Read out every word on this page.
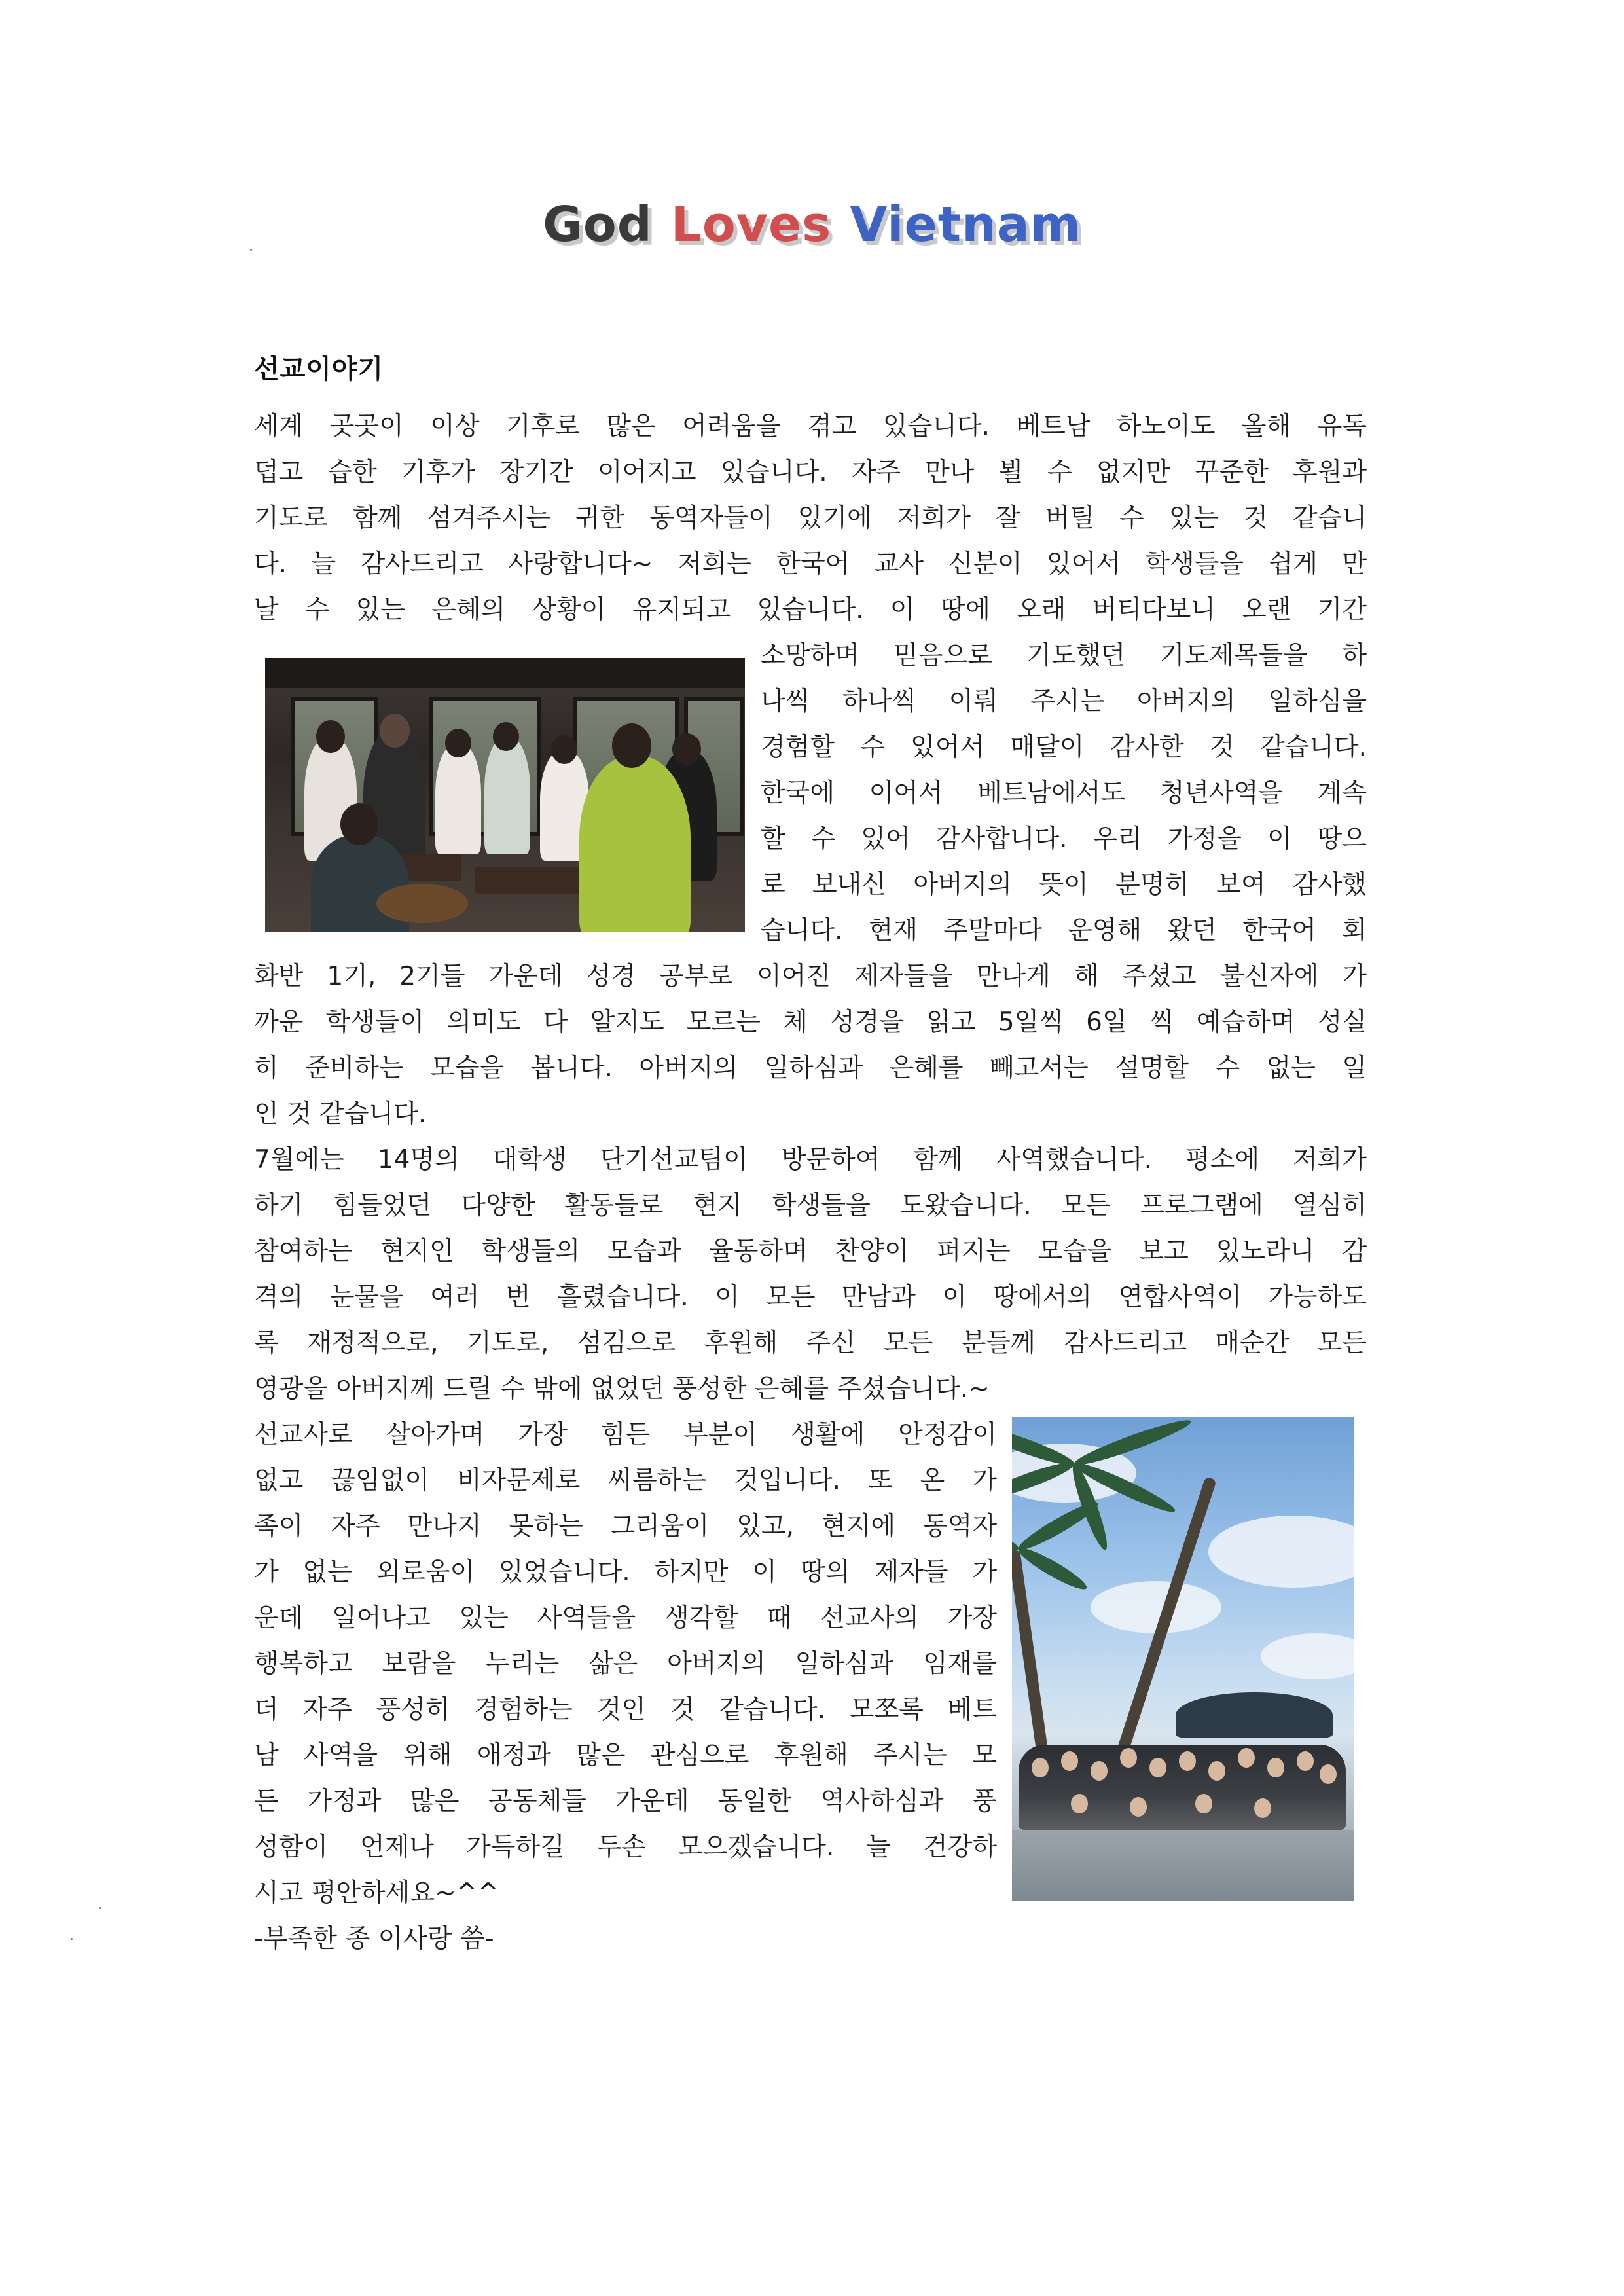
God Loves Vietnam
선교이야기
세계 곳곳이 이상 기후로 많은 어려움을 겪고 있습니다. 베트남 하노이도 올해 유독
덥고 습한 기후가 장기간 이어지고 있습니다. 자주 만나 뵐 수 없지만 꾸준한 후원과
기도로 함께 섬겨주시는 귀한 동역자들이 있기에 저희가 잘 버틸 수 있는 것 같습니
다. 늘 감사드리고 사랑합니다~ 저희는 한국어 교사 신분이 있어서 학생들을 쉽게 만
날 수 있는 은혜의 상황이 유지되고 있습니다. 이 땅에 오래 버티다보니 오랜 기간
소망하며 믿음으로 기도했던 기도제목들을 하
나씩 하나씩 이뤄 주시는 아버지의 일하심을
경험할 수 있어서 매달이 감사한 것 같습니다.
한국에 이어서 베트남에서도 청년사역을 계속
할 수 있어 감사합니다. 우리 가정을 이 땅으
로 보내신 아버지의 뜻이 분명히 보여 감사했
습니다. 현재 주말마다 운영해 왔던 한국어 회
화반 1기, 2기들 가운데 성경 공부로 이어진 제자들을 만나게 해 주셨고 불신자에 가
까운 학생들이 의미도 다 알지도 모르는 체 성경을 읽고 5일씩 6일 씩 예습하며 성실
히 준비하는 모습을 봅니다. 아버지의 일하심과 은혜를 빼고서는 설명할 수 없는 일
인 것 같습니다.
7월에는 14명의 대학생 단기선교팀이 방문하여 함께 사역했습니다. 평소에 저희가
하기 힘들었던 다양한 활동들로 현지 학생들을 도왔습니다. 모든 프로그램에 열심히
참여하는 현지인 학생들의 모습과 율동하며 찬양이 퍼지는 모습을 보고 있노라니 감
격의 눈물을 여러 번 흘렸습니다. 이 모든 만남과 이 땅에서의 연합사역이 가능하도
록 재정적으로, 기도로, 섬김으로 후원해 주신 모든 분들께 감사드리고 매순간 모든
영광을 아버지께 드릴 수 밖에 없었던 풍성한 은혜를 주셨습니다.~
선교사로 살아가며 가장 힘든 부분이 생활에 안정감이
없고 끊임없이 비자문제로 씨름하는 것입니다. 또 온 가
족이 자주 만나지 못하는 그리움이 있고, 현지에 동역자
가 없는 외로움이 있었습니다. 하지만 이 땅의 제자들 가
운데 일어나고 있는 사역들을 생각할 때 선교사의 가장
행복하고 보람을 누리는 삶은 아버지의 일하심과 임재를
더 자주 풍성히 경험하는 것인 것 같습니다. 모쪼록 베트
남 사역을 위해 애정과 많은 관심으로 후원해 주시는 모
든 가정과 많은 공동체들 가운데 동일한 역사하심과 풍
성함이 언제나 가득하길 두손 모으겠습니다. 늘 건강하
시고 평안하세요~^^
-부족한 종 이사랑 씀-
